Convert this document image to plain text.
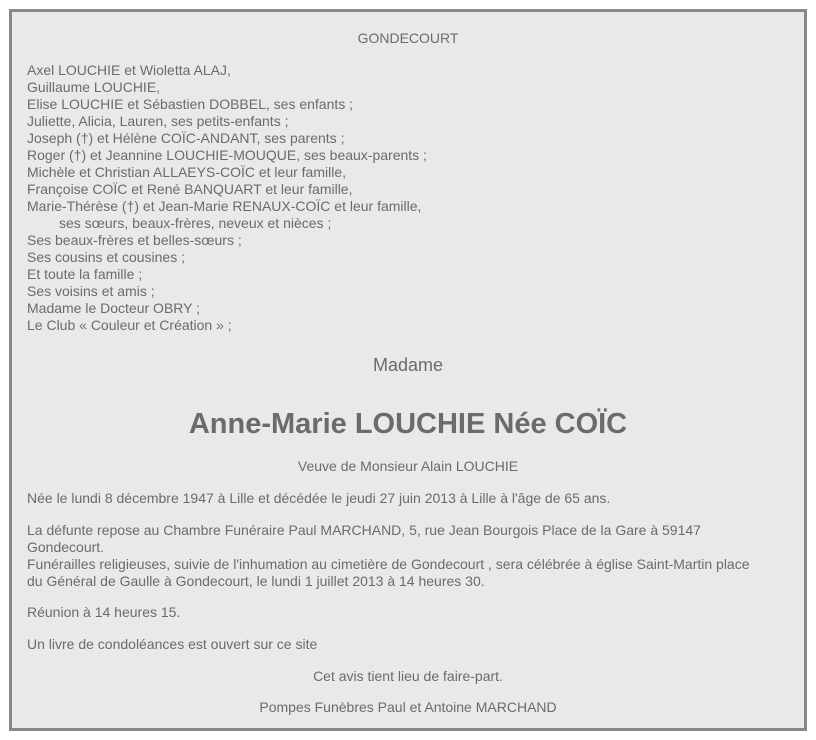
GONDECOURT
Axel LOUCHIE et Wioletta ALAJ,
Guillaume LOUCHIE,
Elise LOUCHIE et Sébastien DOBBEL, ses enfants ;
Juliette, Alicia, Lauren, ses petits-enfants ;
Joseph (†) et Hélène COÏC-ANDANT, ses parents ;
Roger (†) et Jeannine LOUCHIE-MOUQUE, ses beaux-parents ;
Michèle et Christian ALLAEYS-COÏC et leur famille,
Françoise COÏC et René BANQUART et leur famille,
Marie-Thérèse (†) et Jean-Marie RENAUX-COÏC et leur famille,
ses sœurs, beaux-frères, neveux et nièces ;
Ses beaux-frères et belles-sœurs ;
Ses cousins et cousines ;
Et toute la famille ;
Ses voisins et amis ;
Madame le Docteur OBRY ;
Le Club « Couleur et Création » ;
Madame
Anne-Marie LOUCHIE Née COÏC
Veuve de Monsieur Alain LOUCHIE
Née le lundi 8 décembre 1947 à Lille et décédée le jeudi 27 juin 2013 à Lille à l'âge de 65 ans.
La défunte repose au Chambre Funéraire Paul MARCHAND, 5, rue Jean Bourgois Place de la Gare à 59147
Gondecourt.
Funérailles religieuses, suivie de l'inhumation au cimetière de Gondecourt , sera célébrée à église Saint-Martin place
du Général de Gaulle à Gondecourt, le lundi 1 juillet 2013 à 14 heures 30.
Réunion à 14 heures 15.
Un livre de condoléances est ouvert sur ce site
Cet avis tient lieu de faire-part.
Pompes Funèbres Paul et Antoine MARCHAND
